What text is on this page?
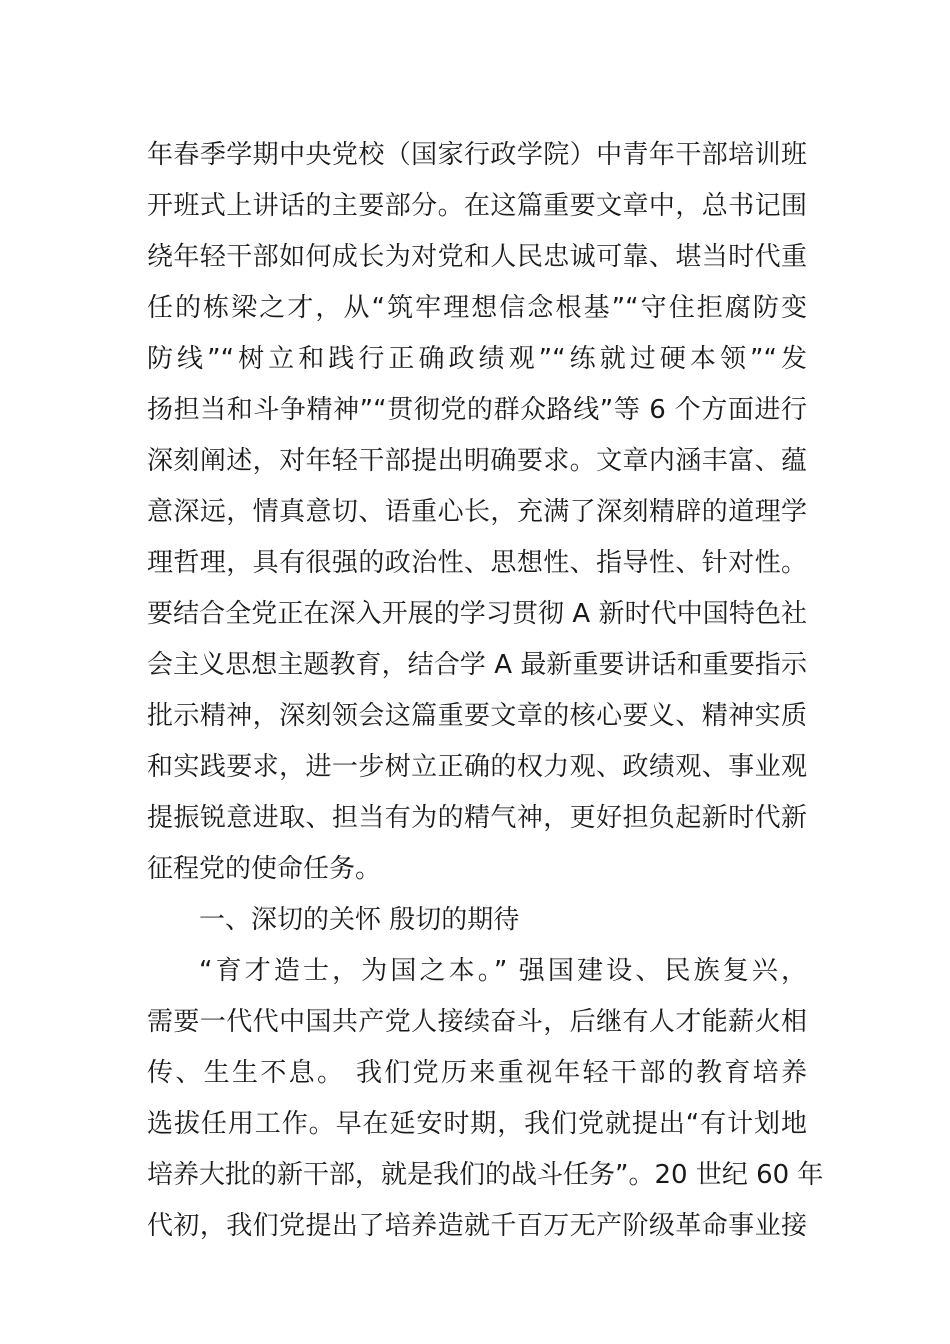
年春季学期中央党校（国家行政学院）中青年干部培训班
开班式上讲话的主要部分。在这篇重要文章中，总书记围
绕年轻干部如何成长为对党和人民忠诚可靠、堪当时代重
任的栋梁之才，从“筑牢理想信念根基”“守住拒腐防变
防线”“树立和践行正确政绩观”“练就过硬本领”“发
扬担当和斗争精神”“贯彻党的群众路线”等 6 个方面进行
深刻阐述，对年轻干部提出明确要求。文章内涵丰富、蕴
意深远，情真意切、语重心长，充满了深刻精辟的道理学
理哲理，具有很强的政治性、思想性、指导性、针对性。
要结合全党正在深入开展的学习贯彻 A 新时代中国特色社
会主义思想主题教育，结合学 A 最新重要讲话和重要指示
批示精神，深刻领会这篇重要文章的核心要义、精神实质
和实践要求，进一步树立正确的权力观、政绩观、事业观
提振锐意进取、担当有为的精气神，更好担负起新时代新
征程党的使命任务。
一、深切的关怀 殷切的期待
“育才造士，为国之本。” 强国建设、民族复兴，
需要一代代中国共产党人接续奋斗，后继有人才能薪火相
传、生生不息。 我们党历来重视年轻干部的教育培养
选拔任用工作。早在延安时期，我们党就提出“有计划地
培养大批的新干部，就是我们的战斗任务”。20 世纪 60 年
代初，我们党提出了培养造就千百万无产阶级革命事业接
